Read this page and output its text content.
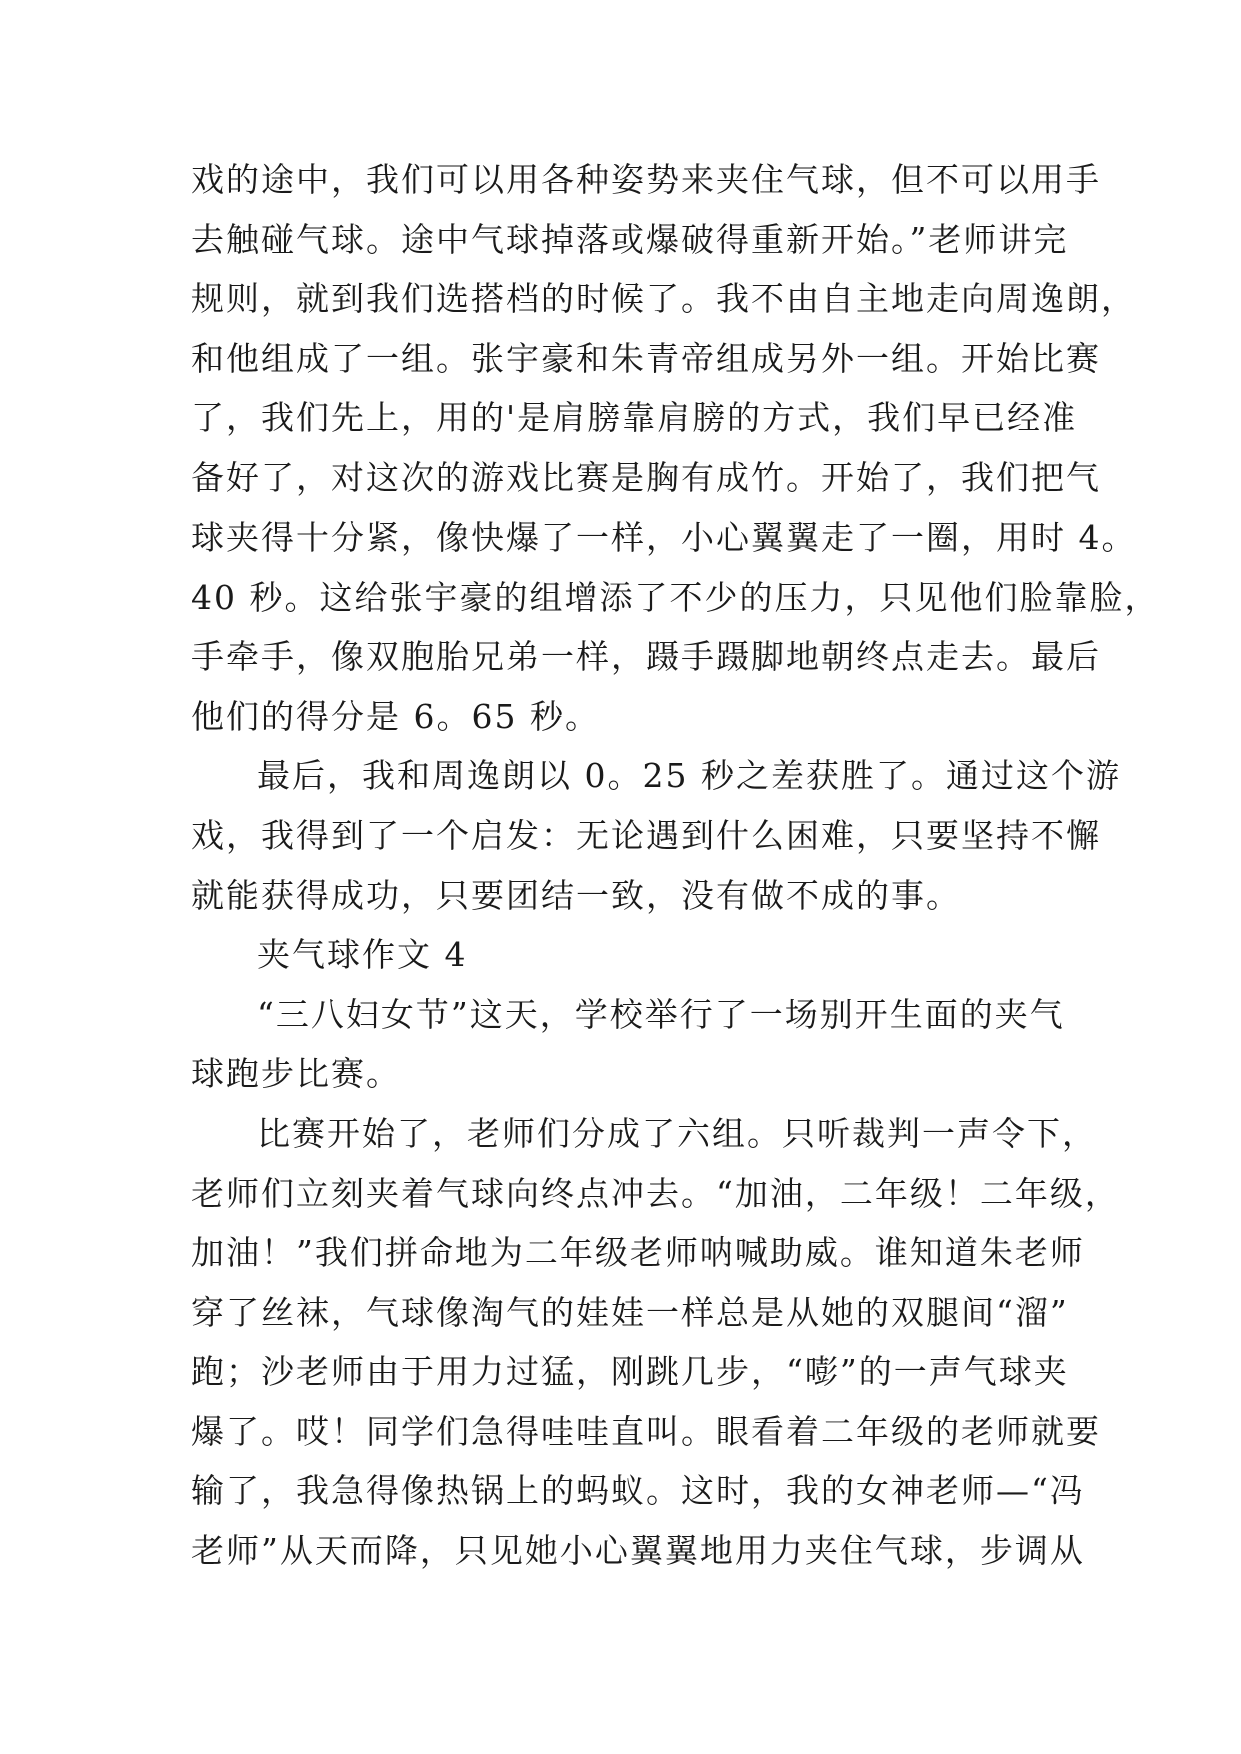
戏的途中，我们可以用各种姿势来夹住气球，但不可以用手
去触碰气球。途中气球掉落或爆破得重新开始。”老师讲完
规则，就到我们选搭档的时候了。我不由自主地走向周逸朗，
和他组成了一组。张宇豪和朱青帝组成另外一组。开始比赛
了，我们先上，用的'是肩膀靠肩膀的方式，我们早已经准
备好了，对这次的游戏比赛是胸有成竹。开始了，我们把气
球夹得十分紧，像快爆了一样，小心翼翼走了一圈，用时 4。
40 秒。这给张宇豪的组增添了不少的压力，只见他们脸靠脸，
手牵手，像双胞胎兄弟一样，蹑手蹑脚地朝终点走去。最后
他们的得分是 6。65 秒。
最后，我和周逸朗以 0。25 秒之差获胜了。通过这个游
戏，我得到了一个启发：无论遇到什么困难，只要坚持不懈
就能获得成功，只要团结一致，没有做不成的事。
夹气球作文 4
“三八妇女节”这天，学校举行了一场别开生面的夹气
球跑步比赛。
比赛开始了，老师们分成了六组。只听裁判一声令下，
老师们立刻夹着气球向终点冲去。“加油，二年级！二年级，
加油！”我们拼命地为二年级老师呐喊助威。谁知道朱老师
穿了丝袜，气球像淘气的娃娃一样总是从她的双腿间“溜”
跑；沙老师由于用力过猛，刚跳几步，“嘭”的一声气球夹
爆了。哎！同学们急得哇哇直叫。眼看着二年级的老师就要
输了，我急得像热锅上的蚂蚁。这时，我的女神老师—“冯
老师”从天而降，只见她小心翼翼地用力夹住气球，步调从
